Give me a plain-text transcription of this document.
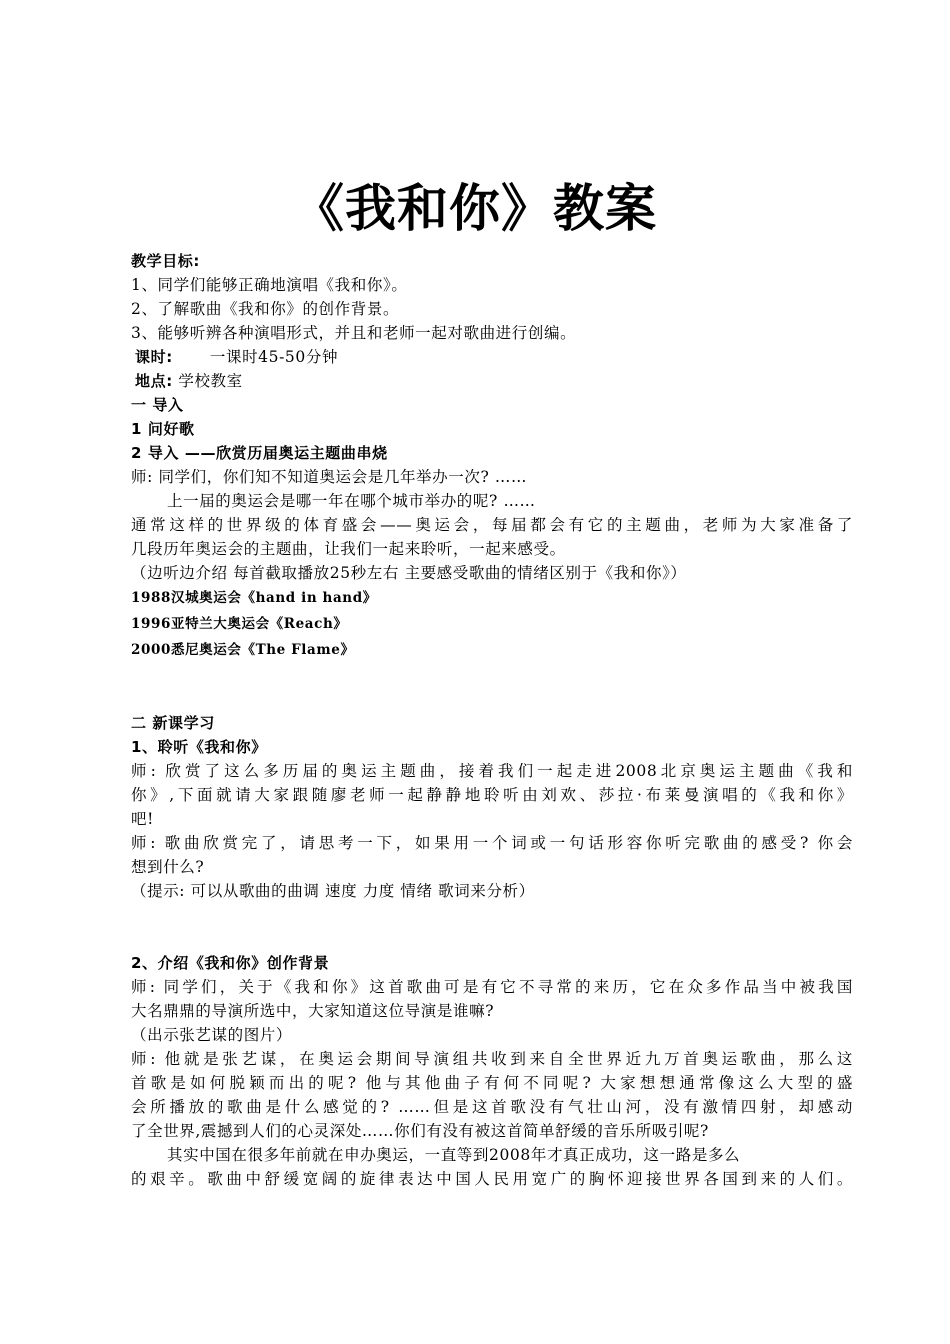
《我和你》教案
教学目标:
1、同学们能够正确地演唱《我和你》。
2、了解歌曲《我和你》的创作背景。
3、能够听辨各种演唱形式，并且和老师一起对歌曲进行创编。
课时: 一课时45-50分钟
地点: 学校教室
一 导入
1 问好歌
2 导入 ——欣赏历届奥运主题曲串烧
师: 同学们，你们知不知道奥运会是几年举办一次? ……
上一届的奥运会是哪一年在哪个城市举办的呢? ……
通常这样的世界级的体育盛会——奥运会，每届都会有它的主题曲，老师为大家准备了
几段历年奥运会的主题曲，让我们一起来聆听，一起来感受。
（边听边介绍 每首截取播放25秒左右 主要感受歌曲的情绪区别于《我和你》）
1988汉城奥运会《hand in hand》
1996亚特兰大奥运会《Reach》
2000悉尼奥运会《The Flame》
二 新课学习
1、聆听《我和你》
师: 欣赏了这么多历届的奥运主题曲，接着我们一起走进2008北京奥运主题曲《我和
你》,下面就请大家跟随廖老师一起静静地聆听由刘欢、莎拉·布莱曼演唱的《我和你》
吧!
师: 歌曲欣赏完了，请思考一下，如果用一个词或一句话形容你听完歌曲的感受? 你会
想到什么?
（提示: 可以从歌曲的曲调 速度 力度 情绪 歌词来分析）
2、介绍《我和你》创作背景
师: 同学们，关于《我和你》这首歌曲可是有它不寻常的来历，它在众多作品当中被我国
大名鼎鼎的导演所选中，大家知道这位导演是谁嘛?
（出示张艺谋的图片）
师: 他就是张艺谋，在奥运会期间导演组共收到来自全世界近九万首奥运歌曲，那么这
首歌是如何脱颖而出的呢? 他与其他曲子有何不同呢? 大家想想通常像这么大型的盛
会所播放的歌曲是什么感觉的? ……但是这首歌没有气壮山河，没有激情四射，却感动
了全世界,震撼到人们的心灵深处……你们有没有被这首简单舒缓的音乐所吸引呢?
其实中国在很多年前就在申办奥运，一直等到2008年才真正成功，这一路是多么
的艰辛。歌曲中舒缓宽阔的旋律表达中国人民用宽广的胸怀迎接世界各国到来的人们。
